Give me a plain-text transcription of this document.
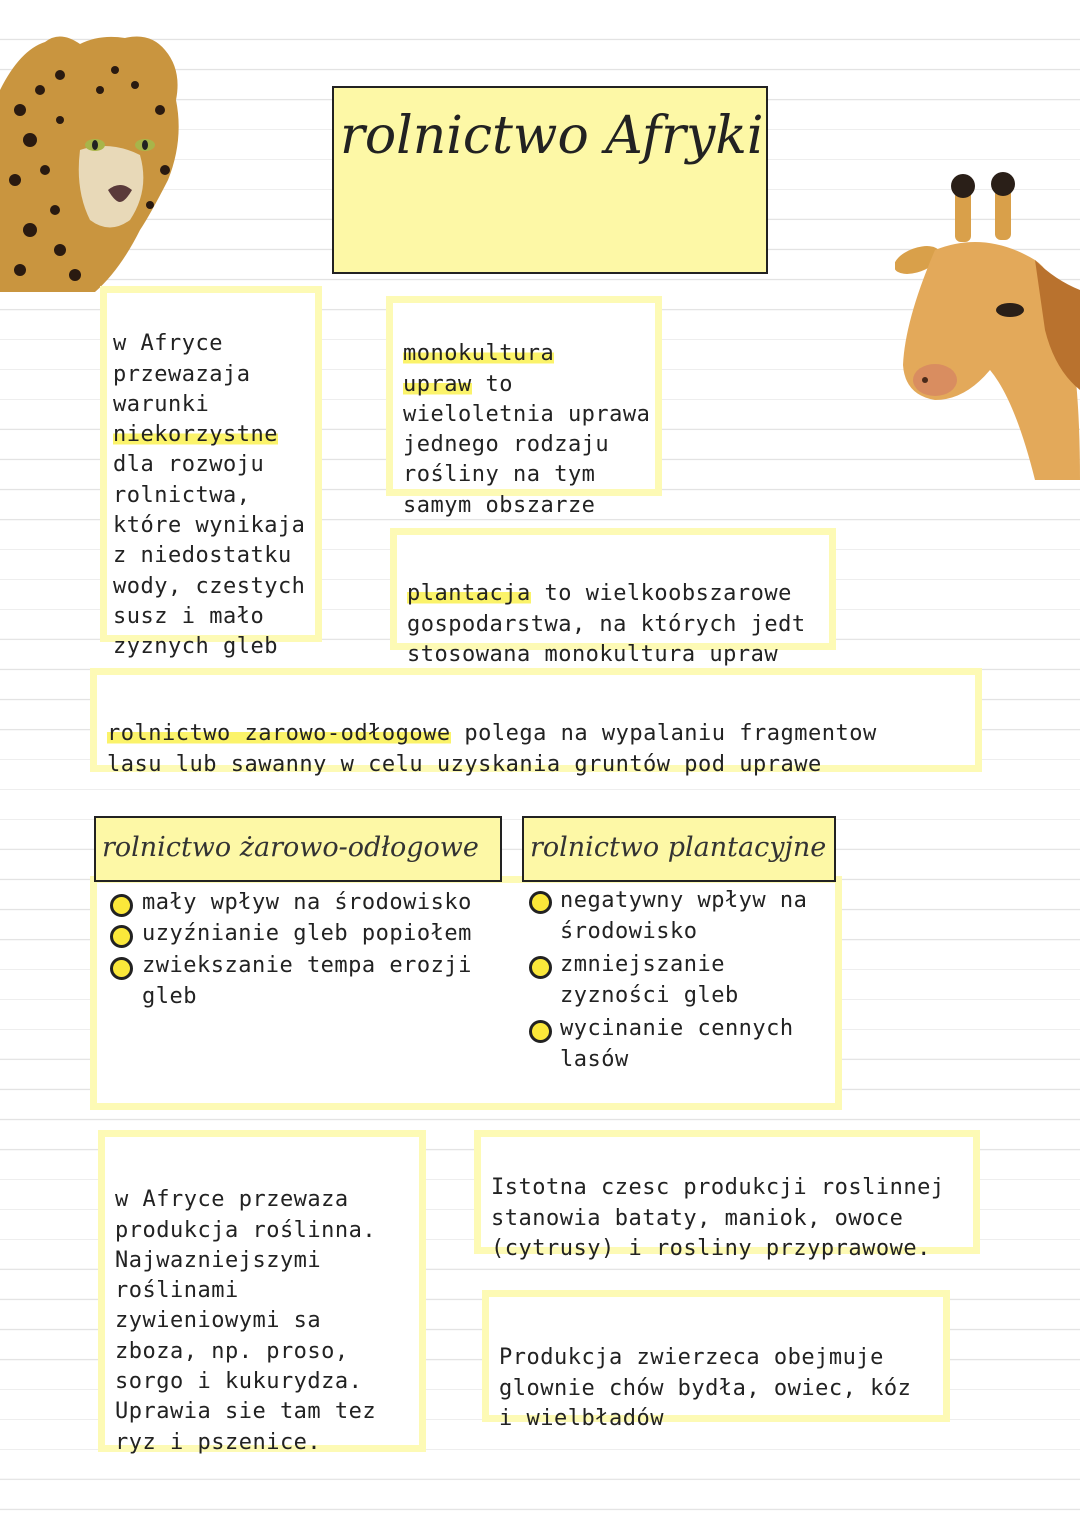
rolnictwo Afryki

w Afryce
przewazaja
warunki
niekorzystne
dla rozwoju
rolnictwa,
które wynikaja
z niedostatku
wody, czestych
susz i mało
zyznych gleb

monokultura
upraw to
wieloletnia uprawa
jednego rodzaju
rośliny na tym
samym obszarze

plantacja to wielkoobszarowe
gospodarstwa, na których jedt
stosowana monokultura upraw

rolnictwo zarowo-odłogowe polega na wypalaniu fragmentow
lasu lub sawanny w celu uzyskania gruntów pod uprawe

rolnictwo żarowo-odłogowe	rolnictwo plantacyjne
mały wpływ na środowisko
uzyźnianie gleb popiołem
zwiekszanie tempa erozji
gleb
negatywny wpływ na
środowisko
zmniejszanie
zyzności gleb
wycinanie cennych
lasów

w Afryce przewaza
produkcja roślinna.
Najwazniejszymi
roślinami
zywieniowymi sa
zboza, np. proso,
sorgo i kukurydza.
Uprawia sie tam tez
ryz i pszenice.

Istotna czesc produkcji roslinnej
stanowia bataty, maniok, owoce
(cytrusy) i rosliny przyprawowe.

Produkcja zwierzeca obejmuje
glownie chów bydła, owiec, kóz
i wielbładów
